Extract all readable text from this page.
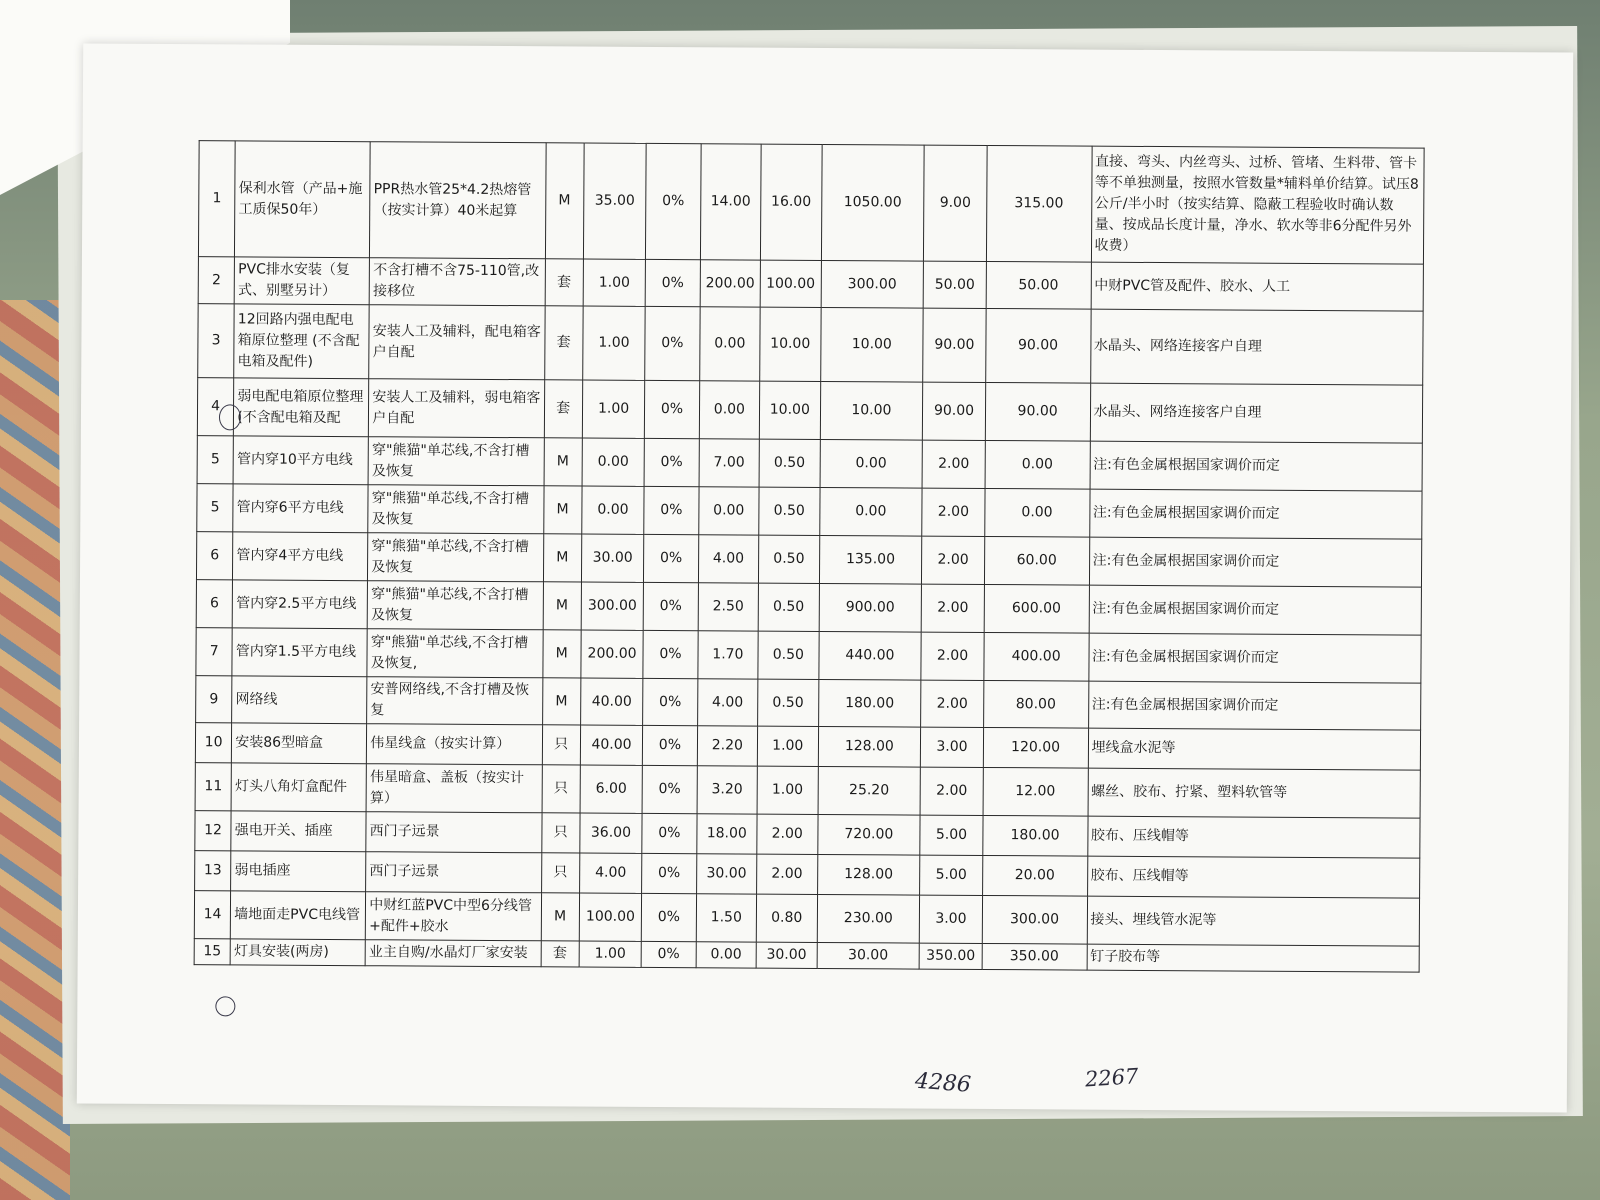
1	保利水管（产品+施工质保50年）	PPR热水管25*4.2热熔管（按实计算）40米起算	M	35.00	0%	14.00	16.00	1050.00	9.00	315.00	直接、弯头、内丝弯头、过桥、管堵、生料带、管卡等不单独测量，按照水管数量*辅料单价结算。试压8公斤/半小时（按实结算、隐蔽工程验收时确认数量、按成品长度计量，净水、软水等非6分配件另外收费）
2	PVC排水安装（复式、别墅另计）	不含打槽不含75-110管,改接移位	套	1.00	0%	200.00	100.00	300.00	50.00	50.00	中财PVC管及配件、胶水、人工
3	12回路内强电配电箱原位整理 (不含配电箱及配件)	安装人工及辅料，配电箱客户自配	套	1.00	0%	0.00	10.00	10.00	90.00	90.00	水晶头、网络连接客户自理
4	弱电配电箱原位整理 (不含配电箱及配	安装人工及辅料，弱电箱客户自配	套	1.00	0%	0.00	10.00	10.00	90.00	90.00	水晶头、网络连接客户自理
5	管内穿10平方电线	穿"熊猫"单芯线,不含打槽及恢复	M	0.00	0%	7.00	0.50	0.00	2.00	0.00	注:有色金属根据国家调价而定
5	管内穿6平方电线	穿"熊猫"单芯线,不含打槽及恢复	M	0.00	0%	0.00	0.50	0.00	2.00	0.00	注:有色金属根据国家调价而定
6	管内穿4平方电线	穿"熊猫"单芯线,不含打槽及恢复	M	30.00	0%	4.00	0.50	135.00	2.00	60.00	注:有色金属根据国家调价而定
6	管内穿2.5平方电线	穿"熊猫"单芯线,不含打槽及恢复	M	300.00	0%	2.50	0.50	900.00	2.00	600.00	注:有色金属根据国家调价而定
7	管内穿1.5平方电线	穿"熊猫"单芯线,不含打槽及恢复,	M	200.00	0%	1.70	0.50	440.00	2.00	400.00	注:有色金属根据国家调价而定
9	网络线	安普网络线,不含打槽及恢复	M	40.00	0%	4.00	0.50	180.00	2.00	80.00	注:有色金属根据国家调价而定
10	安装86型暗盒	伟星线盒（按实计算）	只	40.00	0%	2.20	1.00	128.00	3.00	120.00	埋线盒水泥等
11	灯头八角灯盒配件	伟星暗盒、盖板（按实计算）	只	6.00	0%	3.20	1.00	25.20	2.00	12.00	螺丝、胶布、拧紧、塑料软管等
12	强电开关、插座	西门子远景	只	36.00	0%	18.00	2.00	720.00	5.00	180.00	胶布、压线帽等
13	弱电插座	西门子远景	只	4.00	0%	30.00	2.00	128.00	5.00	20.00	胶布、压线帽等
14	墙地面走PVC电线管	中财红蓝PVC中型6分线管+配件+胶水	M	100.00	0%	1.50	0.80	230.00	3.00	300.00	接头、埋线管水泥等
15	灯具安装(两房)	业主自购/水晶灯厂家安装	套	1.00	0%	0.00	30.00	30.00	350.00	350.00	钉子胶布等
4286	2267
